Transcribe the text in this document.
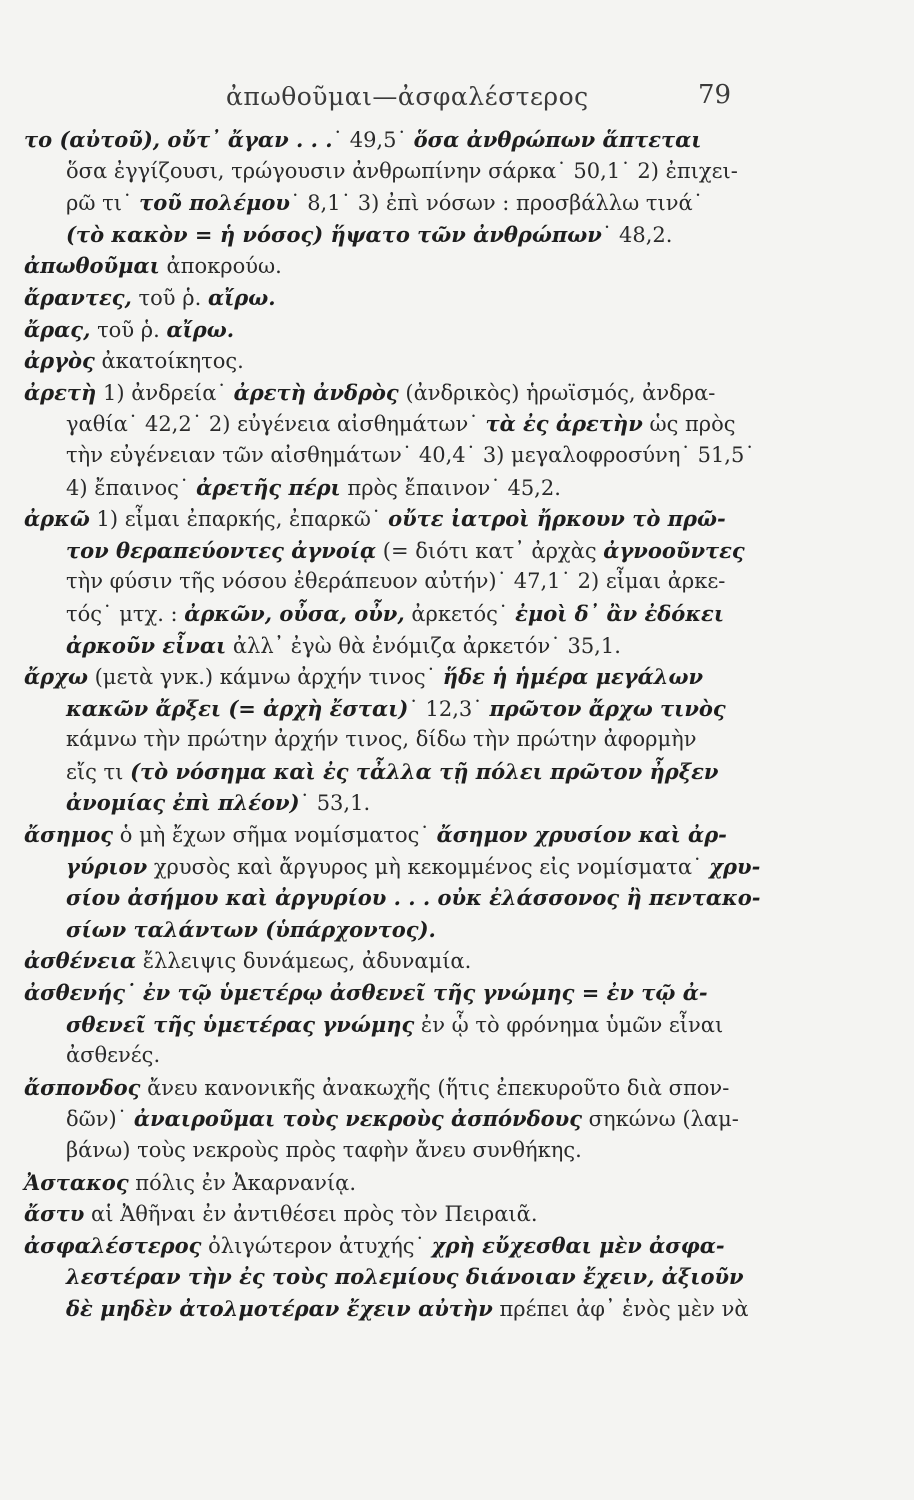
ἀπωθοῦμαι—ἀσφαλέστερος	79
το (αὐτοῦ), οὔτ᾽ ἄγαν . . .˙ 49,5˙ ὅσα ἀνθρώπων ἅπτεται
ὅσα ἐγγίζουσι, τρώγουσιν ἀνθρωπίνην σάρκα˙ 50,1˙ 2) ἐπιχει-
ρῶ τι˙ τοῦ πολέμου˙ 8,1˙ 3) ἐπὶ νόσων : προσβάλλω τινά˙
(τὸ κακὸν = ἡ νόσος) ἥψατο τῶν ἀνθρώπων˙ 48,2.
ἀπωθοῦμαι ἀποκρούω.
ἄραντες, τοῦ ῥ. αἴρω.
ἄρας, τοῦ ῥ. αἴρω.
ἀργὸς ἀκατοίκητος.
ἀρετὴ 1) ἀνδρεία˙ ἀρετὴ ἀνδρὸς (ἀνδρικὸς) ἡρωϊσμός, ἀνδρα-
γαθία˙ 42,2˙ 2) εὐγένεια αἰσθημάτων˙ τὰ ἐς ἀρετὴν ὡς πρὸς
τὴν εὐγένειαν τῶν αἰσθημάτων˙ 40,4˙ 3) μεγαλοφροσύνη˙ 51,5˙
4) ἔπαινος˙ ἀρετῆς πέρι πρὸς ἔπαινον˙ 45,2.
ἀρκῶ 1) εἶμαι ἐπαρκής, ἐπαρκῶ˙ οὔτε ἰατροὶ ἤρκουν τὸ πρῶ-
τον θεραπεύοντες ἀγνοίᾳ (= διότι κατ᾽ ἀρχὰς ἀγνοοῦντες
τὴν φύσιν τῆς νόσου ἐθεράπευον αὐτήν)˙ 47,1˙ 2) εἶμαι ἀρκε-
τός˙ μτχ. : ἀρκῶν, οὖσα, οὖν, ἀρκετός˙ ἐμοὶ δ᾽ ἂν ἐδόκει
ἀρκοῦν εἶναι ἀλλ᾽ ἐγὼ θὰ ἐνόμιζα ἀρκετόν˙ 35,1.
ἄρχω (μετὰ γνκ.) κάμνω ἀρχήν τινος˙ ἥδε ἡ ἡμέρα μεγάλων
κακῶν ἄρξει (= ἀρχὴ ἔσται)˙ 12,3˙ πρῶτον ἄρχω τινὸς
κάμνω τὴν πρώτην ἀρχήν τινος, δίδω τὴν πρώτην ἀφορμὴν
εἴς τι (τὸ νόσημα καὶ ἐς τἆλλα τῇ πόλει πρῶτον ἦρξεν
ἀνομίας ἐπὶ πλέον)˙ 53,1.
ἄσημος ὁ μὴ ἔχων σῆμα νομίσματος˙ ἄσημον χρυσίον καὶ ἀρ-
γύριον χρυσὸς καὶ ἄργυρος μὴ κεκομμένος εἰς νομίσματα˙ χρυ-
σίου ἀσήμου καὶ ἀργυρίου . . . οὐκ ἐλάσσονος ἢ πεντακο-
σίων ταλάντων (ὑπάρχοντος).
ἀσθένεια ἔλλειψις δυνάμεως, ἀδυναμία.
ἀσθενής˙ ἐν τῷ ὑμετέρῳ ἀσθενεῖ τῆς γνώμης = ἐν τῷ ἀ-
σθενεῖ τῆς ὑμετέρας γνώμης ἐν ᾧ τὸ φρόνημα ὑμῶν εἶναι
ἀσθενές.
ἄσπονδος ἄνευ κανονικῆς ἀνακωχῆς (ἥτις ἐπεκυροῦτο διὰ σπον-
δῶν)˙ ἀναιροῦμαι τοὺς νεκροὺς ἀσπόνδους σηκώνω (λαμ-
βάνω) τοὺς νεκροὺς πρὸς ταφὴν ἄνευ συνθήκης.
Ἀστακος πόλις ἐν Ἀκαρνανίᾳ.
ἄστυ αἱ Ἀθῆναι ἐν ἀντιθέσει πρὸς τὸν Πειραιᾶ.
ἀσφαλέστερος ὀλιγώτερον ἀτυχής˙ χρὴ εὔχεσθαι μὲν ἀσφα-
λεστέραν τὴν ἐς τοὺς πολεμίους διάνοιαν ἔχειν, ἀξιοῦν
δὲ μηδὲν ἀτολμοτέραν ἔχειν αὐτὴν πρέπει ἀφ᾽ ἑνὸς μὲν νὰ
